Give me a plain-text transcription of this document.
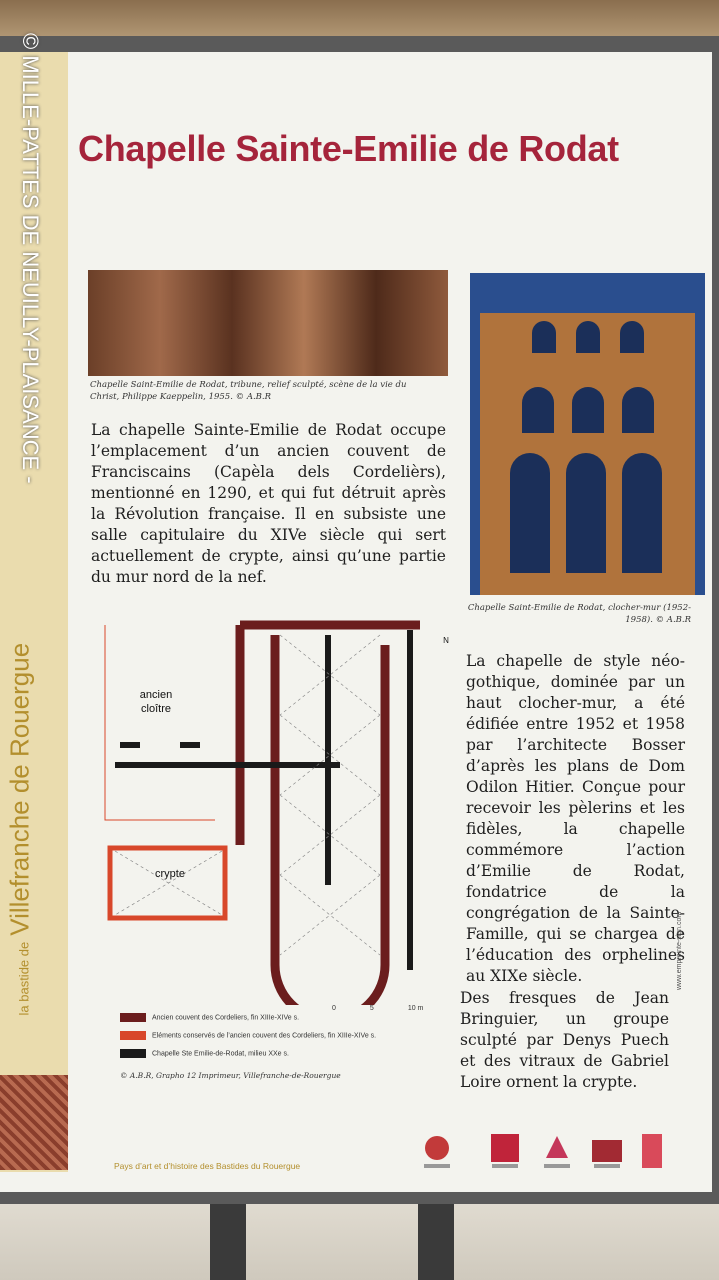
la bastide deVillefranche de Rouergue
© MILLE-PATTES DE NEUILLY-PLAISANCE - Chapelle Sainte-Emilie de Rodat
Chapelle Saint-Emilie de Rodat, tribune, relief sculpté, scène de la vie du Christ, Philippe Kaeppelin, 1955. © A.B.R
Chapelle Saint-Emilie de Rodat, clocher-mur (1952-1958). © A.B.R
La chapelle Sainte-Emilie de Rodat occupe l’emplacement d’un ancien couvent de Franciscains (Capèla dels Cordelièrs), mentionné en 1290, et qui fut détruit après la Révolution française. Il en subsiste une salle capitulaire du XIVe siècle qui sert actuellement de crypte, ainsi qu’une partie du mur nord de la nef.
La chapelle de style néo-gothique, dominée par un haut clocher-mur, a été édifiée entre 1952 et 1958 par l’architecte Bosser d’après les plans de Dom Odilon Hitier. Conçue pour recevoir les pèlerins et les fidèles, la chapelle commémore l’action d’Emilie de Rodat, fondatrice de la congrégation de la Sainte-Famille, qui se chargea de l’éducation des orphelines au XIXe siècle.
Des fresques de Jean Bringuier, un groupe sculpté par Denys Puech et des vitraux de Gabriel Loire ornent la crypte.
ancien cloître
crypte
N
0	5	10 m
Ancien couvent des Cordeliers, fin XIIIe-XIVe s.
Eléments conservés de l’ancien couvent des Cordeliers, fin XIIIe-XIVe s.
Chapelle Ste Emilie-de-Rodat, milieu XXe s.
© A.B.R, Grapho 12 Imprimeur, Villefranche-de-Rouergue
www.empreinte-sign.com
Pays d’art et d’histoire des Bastides du Rouergue
